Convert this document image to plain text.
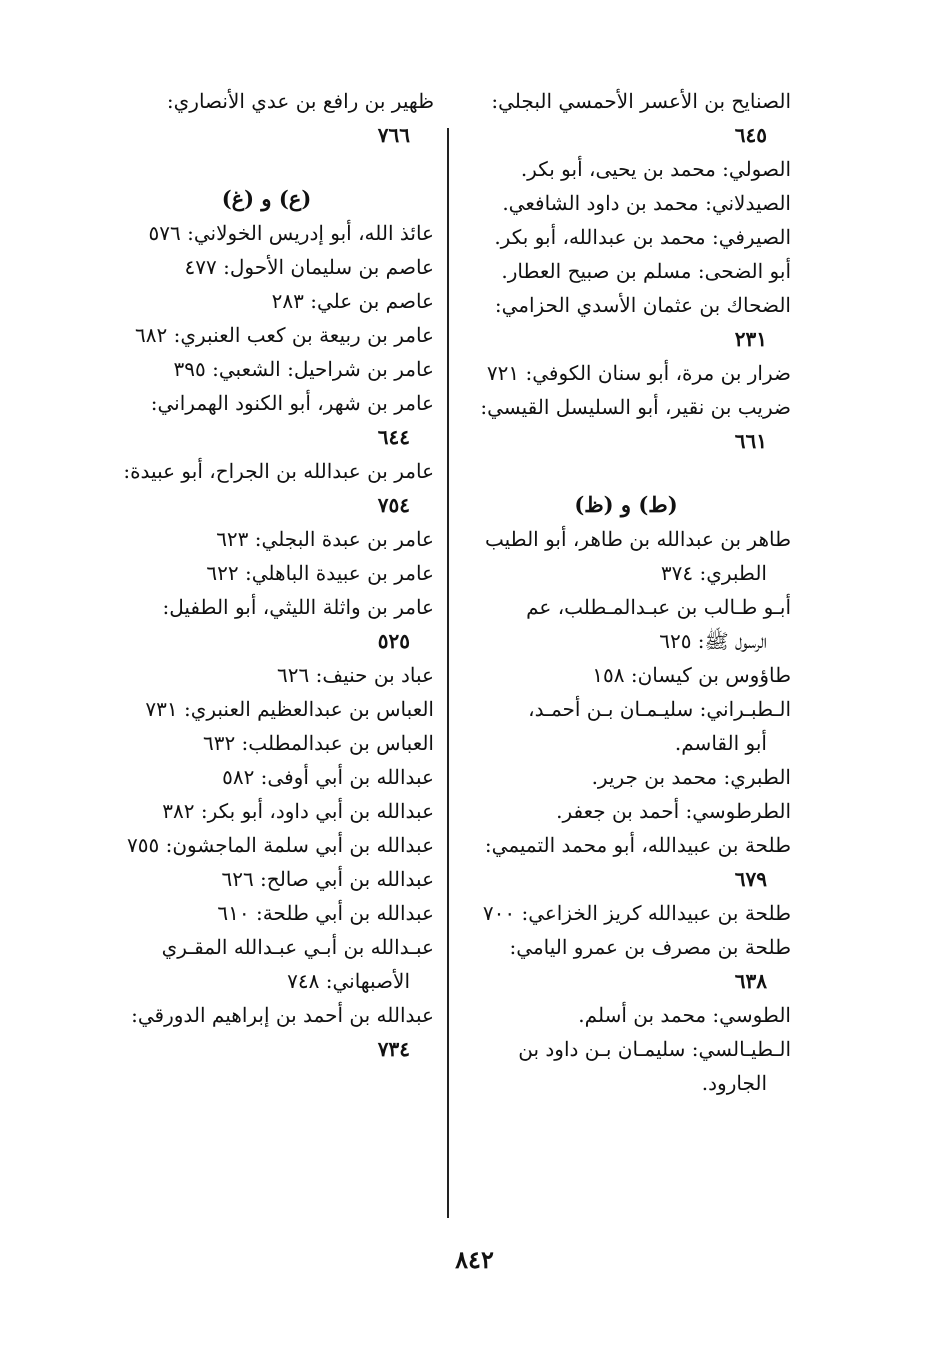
الصنايح بن الأعسر الأحمسي البجلي:
٦٤٥
الصولي: محمد بن يحيى، أبو بكر.
الصيدلاني: محمد بن داود الشافعي.
الصيرفي: محمد بن عبدالله، أبو بكر.
أبو الضحى: مسلم بن صبيح العطار.
الضحاك بن عثمان الأسدي الحزامي:
٢٣١
ضرار بن مرة، أبو سنان الكوفي: ٧٢١
ضريب بن نقير، أبو السليسل القيسي:
٦٦١
(ط) و (ظ)
طاهر بن عبدالله بن طاهر، أبو الطيب
الطبري: ٣٧٤
أبـو طـالب بن عبـدالمـطلب، عم
الرسول ﷺ: ٦٢٥
طاؤوس بن كيسان: ١٥٨
الـطبـراني: سليـمـان بـن أحمـد،
أبو القاسم.
الطبري: محمد بن جرير.
الطرطوسي: أحمد بن جعفر.
طلحة بن عبيدالله، أبو محمد التميمي:
٦٧٩
طلحة بن عبيدالله كريز الخزاعي: ٧٠٠
طلحة بن مصرف بن عمرو اليامي:
٦٣٨
الطوسي: محمد بن أسلم.
الـطيـالسي: سليمـان بـن داود بن
الجارود.
ظهير بن رافع بن عدي الأنصاري:
٧٦٦
(ع) و (غ)
عائذ الله، أبو إدريس الخولاني: ٥٧٦
عاصم بن سليمان الأحول: ٤٧٧
عاصم بن علي: ٢٨٣
عامر بن ربيعة بن كعب العنبري: ٦٨٢
عامر بن شراحيل: الشعبي: ٣٩٥
عامر بن شهر، أبو الكنود الهمراني:
٦٤٤
عامر بن عبدالله بن الجراح، أبو عبيدة:
٧٥٤
عامر بن عبدة البجلي: ٦٢٣
عامر بن عبيدة الباهلي: ٦٢٢
عامر بن واثلة الليثي، أبو الطفيل:
٥٢٥
عباد بن حنيف: ٦٢٦
العباس بن عبدالعظيم العنبري: ٧٣١
العباس بن عبدالمطلب: ٦٣٢
عبدالله بن أبي أوفى: ٥٨٢
عبدالله بن أبي داود، أبو بكر: ٣٨٢
عبدالله بن أبي سلمة الماجشون: ٧٥٥
عبدالله بن أبي صالح: ٦٢٦
عبدالله بن أبي طلحة: ٦١٠
عبـدالله بن أبـي عبـدالله المقـري
الأصبهاني: ٧٤٨
عبدالله بن أحمد بن إبراهيم الدورقي:
٧٣٤
٨٤٢
